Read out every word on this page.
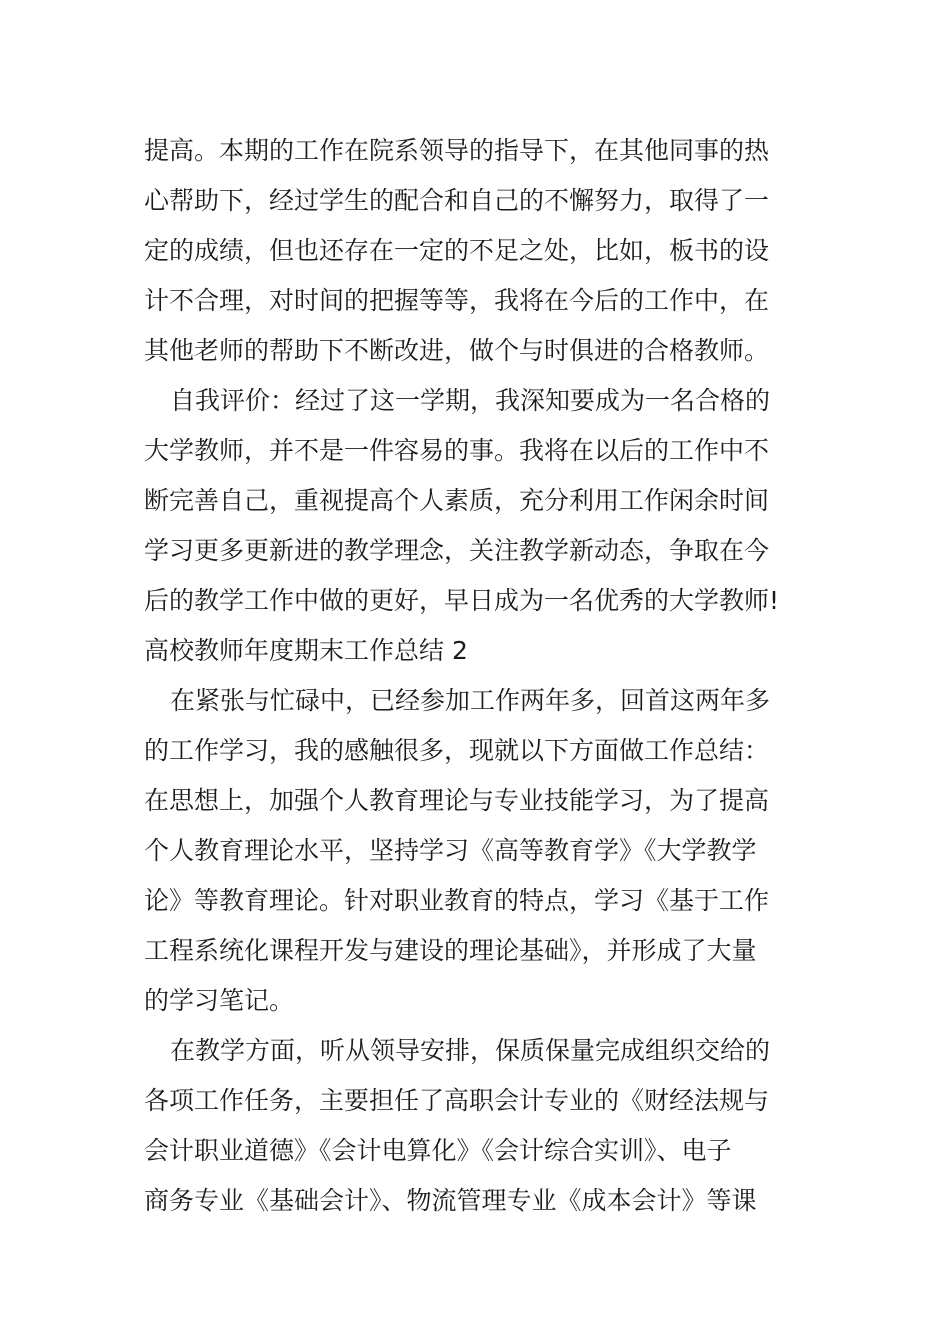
提高。本期的工作在院系领导的指导下，在其他同事的热
心帮助下，经过学生的配合和自己的不懈努力，取得了一
定的成绩，但也还存在一定的不足之处，比如，板书的设
计不合理，对时间的把握等等，我将在今后的工作中，在
其他老师的帮助下不断改进，做个与时俱进的合格教师。
自我评价：经过了这一学期，我深知要成为一名合格的
大学教师，并不是一件容易的事。我将在以后的工作中不
断完善自己，重视提高个人素质，充分利用工作闲余时间
学习更多更新进的教学理念，关注教学新动态，争取在今
后的教学工作中做的更好，早日成为一名优秀的大学教师!
高校教师年度期末工作总结 2
在紧张与忙碌中，已经参加工作两年多，回首这两年多
的工作学习，我的感触很多，现就以下方面做工作总结：
在思想上，加强个人教育理论与专业技能学习，为了提高
个人教育理论水平，坚持学习《高等教育学》《大学教学
论》等教育理论。针对职业教育的特点，学习《基于工作
工程系统化课程开发与建设的理论基础》，并形成了大量
的学习笔记。
在教学方面，听从领导安排，保质保量完成组织交给的
各项工作任务，主要担任了高职会计专业的《财经法规与
会计职业道德》《会计电算化》《会计综合实训》、电子
商务专业《基础会计》、物流管理专业《成本会计》等课
